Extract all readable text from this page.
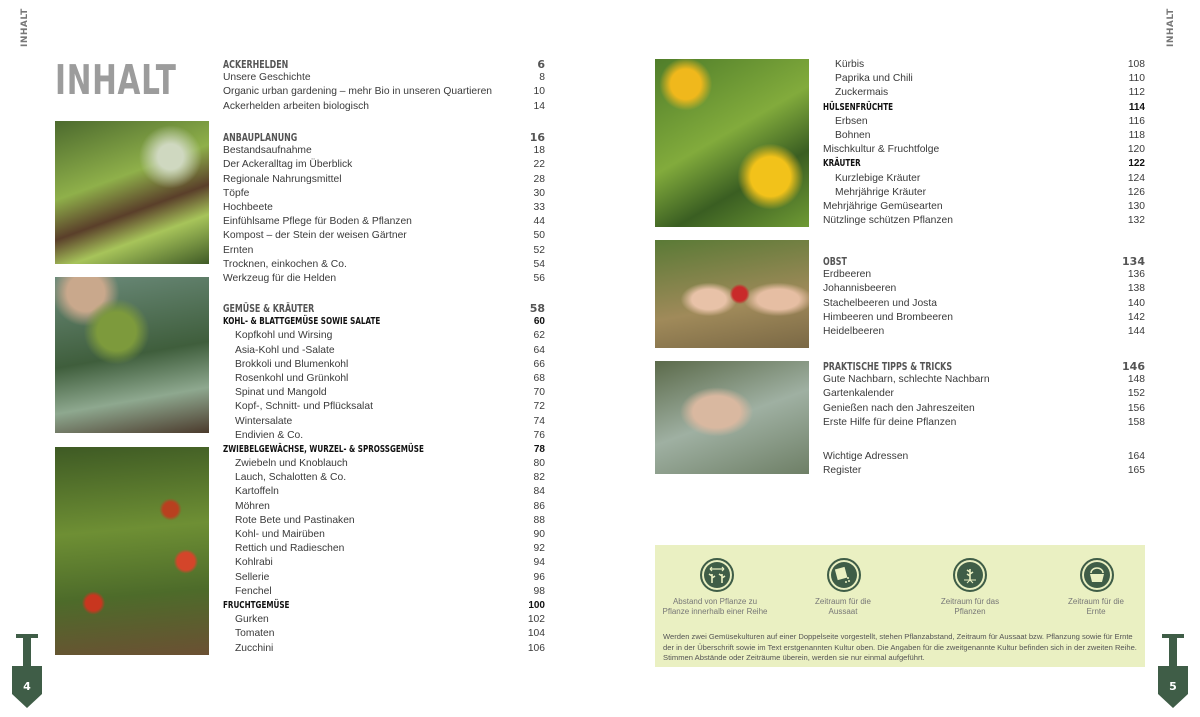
INHALT	INHALT
INHALT	ACKERHELDEN	6
Unsere Geschichte	8
Organic urban gardening – mehr Bio in unseren Quartieren	10
Ackerhelden arbeiten biologisch	14
ANBAUPLANUNG	16
Bestandsaufnahme	18
Der Ackeralltag im Überblick	22
Regionale Nahrungsmittel	28
Töpfe	30
Hochbeete	33
Einfühlsame Pflege für Boden & Pflanzen	44
Kompost – der Stein der weisen Gärtner	50
Ernten	52
Trocknen, einkochen & Co.	54
Werkzeug für die Helden	56
GEMÜSE & KRÄUTER	58
KOHL- & BLATTGEMÜSE SOWIE SALATE	60
Kopfkohl und Wirsing	62
Asia-Kohl und -Salate	64
Brokkoli und Blumenkohl	66
Rosenkohl und Grünkohl	68
Spinat und Mangold	70
Kopf-, Schnitt- und Pflücksalat	72
Wintersalate	74
Endivien & Co.	76
ZWIEBELGEWÄCHSE, WURZEL- & SPROSSGEMÜSE	78
Zwiebeln und Knoblauch	80
Lauch, Schalotten & Co.	82
Kartoffeln	84
Möhren	86
Rote Bete und Pastinaken	88
Kohl- und Mairüben	90
Rettich und Radieschen	92
Kohlrabi	94
Sellerie	96
Fenchel	98
FRUCHTGEMÜSE	100
Gurken	102
Tomaten	104
Zucchini	106
Kürbis	108
Paprika und Chili	110
Zuckermais	112
HÜLSENFRÜCHTE	114
Erbsen	116
Bohnen	118
Mischkultur & Fruchtfolge	120
KRÄUTER	122
Kurzlebige Kräuter	124
Mehrjährige Kräuter	126
Mehrjährige Gemüsearten	130
Nützlinge schützen Pflanzen	132
OBST	134
Erdbeeren	136
Johannisbeeren	138
Stachelbeeren und Josta	140
Himbeeren und Brombeeren	142
Heidelbeeren	144
PRAKTISCHE TIPPS & TRICKS	146
Gute Nachbarn, schlechte Nachbarn	148
Gartenkalender	152
Genießen nach den Jahreszeiten	156
Erste Hilfe für deine Pflanzen	158
Wichtige Adressen	164
Register	165
Abstand von Pflanze zu Pflanze innerhalb einer Reihe
Zeitraum für die Aussaat
Zeitraum für das Pflanzen
Zeitraum für die Ernte
Werden zwei Gemüsekulturen auf einer Doppelseite vorgestellt, stehen Pflanzabstand, Zeitraum für Aussaat bzw. Pflanzung sowie für Ernte der in der Überschrift sowie im Text erstgenannten Kultur oben. Die Angaben für die zweitgenannte Kultur befinden sich in der zweiten Reihe. Stimmen Abstände oder Zeiträume überein, werden sie nur einmal aufgeführt.
4	5
